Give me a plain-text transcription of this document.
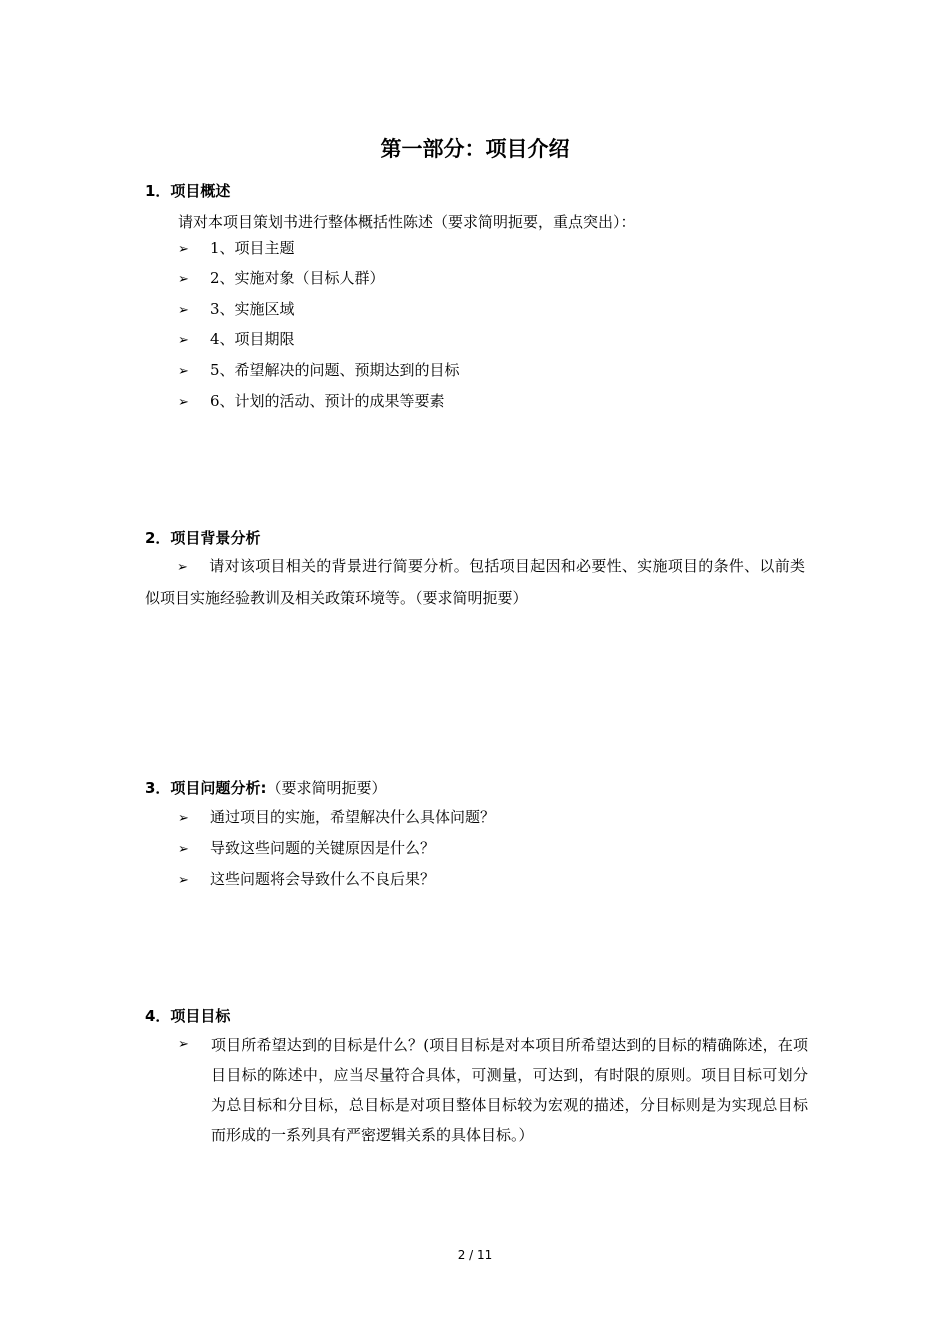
第一部分：项目介绍
1．项目概述
请对本项目策划书进行整体概括性陈述（要求简明扼要，重点突出）：
➢ 1、项目主题
➢ 2、实施对象（目标人群）
➢ 3、实施区域
➢ 4、项目期限
➢ 5、希望解决的问题、预期达到的目标
➢ 6、计划的活动、预计的成果等要素
2．项目背景分析
➢ 请对该项目相关的背景进行简要分析。包括项目起因和必要性、实施项目的条件、以前类似项目实施经验教训及相关政策环境等。（要求简明扼要）
3．项目问题分析:（要求简明扼要）
➢ 通过项目的实施，希望解决什么具体问题？
➢ 导致这些问题的关键原因是什么？
➢ 这些问题将会导致什么不良后果？
4．项目目标
➢	项目所希望达到的目标是什么？(项目目标是对本项目所希望达到的目标的精确陈述，在项目目标的陈述中，应当尽量符合具体，可测量，可达到，有时限的原则。项目目标可划分为总目标和分目标，总目标是对项目整体目标较为宏观的描述，分目标则是为实现总目标而形成的一系列具有严密逻辑关系的具体目标。）
2 / 11
